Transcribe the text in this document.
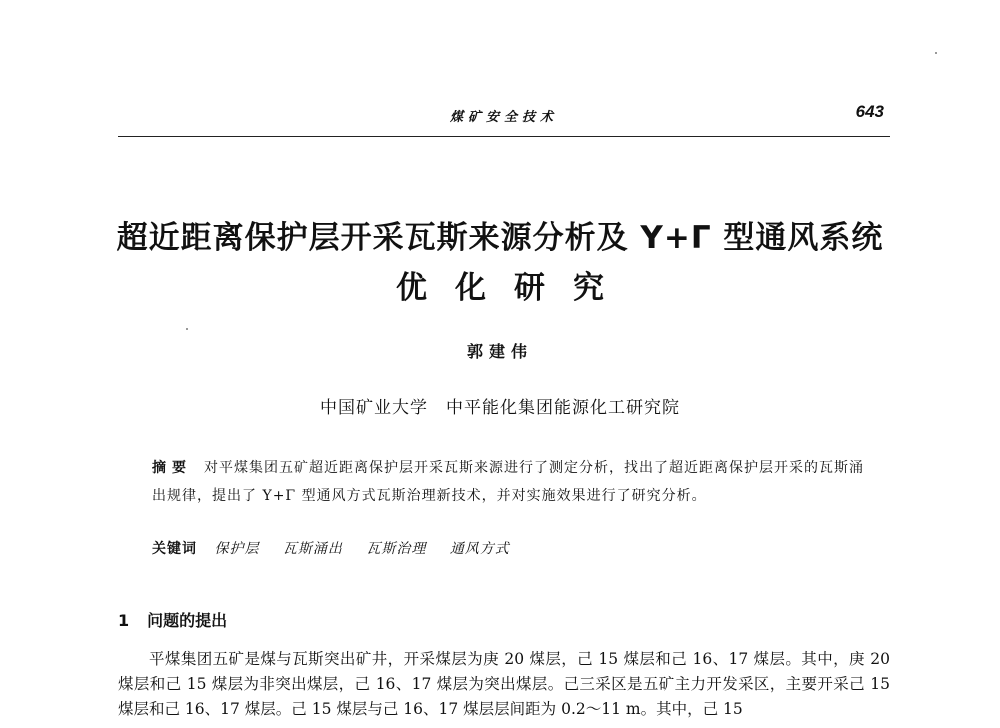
煤矿安全技术	643
超近距离保护层开采瓦斯来源分析及 Y+Γ 型通风系统
优化研究
郭建伟
中国矿业大学　中平能化集团能源化工研究院
摘要 对平煤集团五矿超近距离保护层开采瓦斯来源进行了测定分析，找出了超近距离保护层开采的瓦斯涌出规律，提出了 Y+Γ 型通风方式瓦斯治理新技术，并对实施效果进行了研究分析。
关键词 保护层 瓦斯涌出 瓦斯治理 通风方式
1 问题的提出
平煤集团五矿是煤与瓦斯突出矿井，开采煤层为庚 20 煤层，己 15 煤层和己 16、17 煤层。其中，庚 20 煤层和己 15 煤层为非突出煤层，己 16、17 煤层为突出煤层。己三采区是五矿主力开发采区，主要开采己 15 煤层和己 16、17 煤层。己 15 煤层与己 16、17 煤层层间距为 0.2～11 m。其中，己 15
